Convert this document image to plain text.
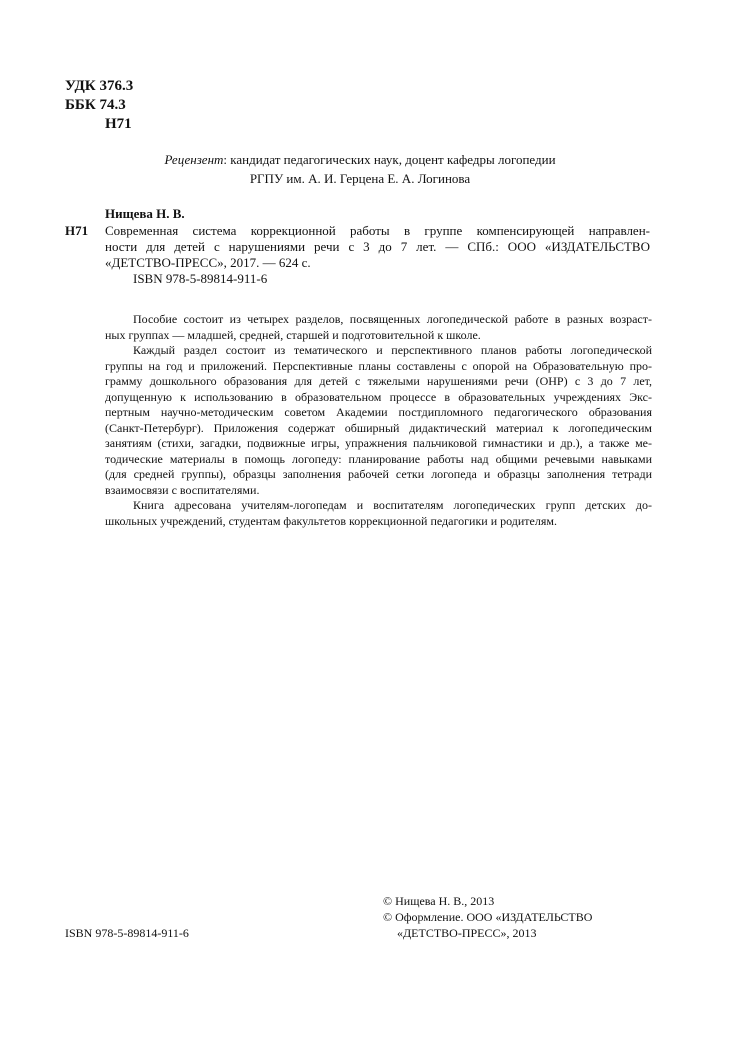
УДК 376.3
ББК 74.3
Н71
Рецензент: кандидат педагогических наук, доцент кафедры логопедии
РГПУ им. А. И. Герцена Е. А. Логинова
Нищева Н. В.
Н71 Современная система коррекционной работы в группе компенсирующей направлен-
ности для детей с нарушениями речи с 3 до 7 лет. — СПб.: ООО «ИЗДАТЕЛЬСТВО
«ДЕТСТВО-ПРЕСС», 2017. — 624 с.
ISBN 978-5-89814-911-6
Пособие состоит из четырех разделов, посвященных логопедической работе в разных возраст-
ных группах — младшей, средней, старшей и подготовительной к школе.
Каждый раздел состоит из тематического и перспективного планов работы логопедической
группы на год и приложений. Перспективные планы составлены с опорой на Образовательную про-
грамму дошкольного образования для детей с тяжелыми нарушениями речи (ОНР) с 3 до 7 лет,
допущенную к использованию в образовательном процессе в образовательных учреждениях Экс-
пертным научно-методическим советом Академии постдипломного педагогического образования
(Санкт-Петербург). Приложения содержат обширный дидактический материал к логопедическим
занятиям (стихи, загадки, подвижные игры, упражнения пальчиковой гимнастики и др.), а также ме-
тодические материалы в помощь логопеду: планирование работы над общими речевыми навыками
(для средней группы), образцы заполнения рабочей сетки логопеда и образцы заполнения тетради
взаимосвязи с воспитателями.
Книга адресована учителям-логопедам и воспитателям логопедических групп детских до-
школьных учреждений, студентам факультетов коррекционной педагогики и родителям.
© Нищева Н. В., 2013
© Оформление. ООО «ИЗДАТЕЛЬСТВО
«ДЕТСТВО-ПРЕСС», 2013
ISBN 978-5-89814-911-6
